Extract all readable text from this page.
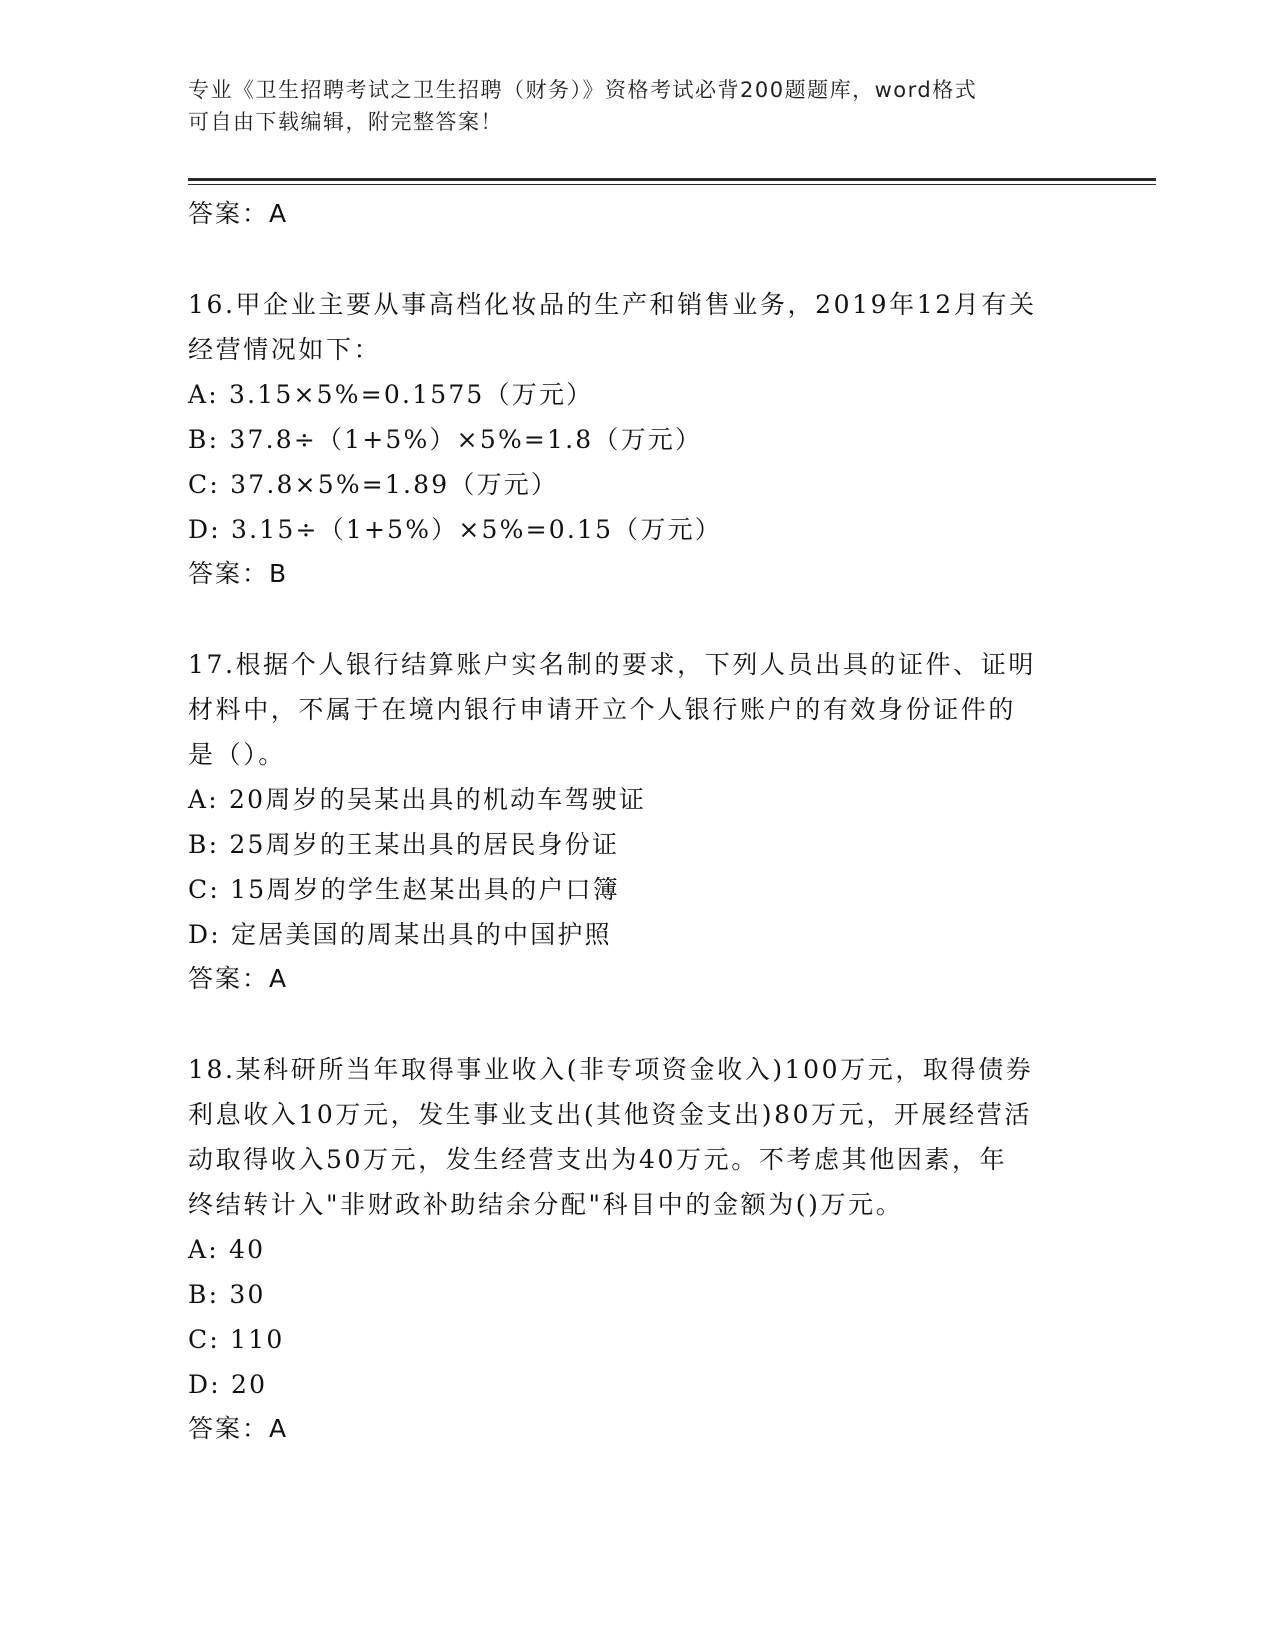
专业《卫生招聘考试之卫生招聘（财务）》资格考试必背200题题库，word格式
可自由下载编辑，附完整答案！

答案：A

16.甲企业主要从事高档化妆品的生产和销售业务，2019年12月有关

经营情况如下：

A: 3.15×5%=0.1575（万元）

B: 37.8÷（1+5%）×5%=1.8（万元）

C: 37.8×5%=1.89（万元）

D: 3.15÷（1+5%）×5%=0.15（万元）

答案：B

17.根据个人银行结算账户实名制的要求，下列人员出具的证件、证明

材料中，不属于在境内银行申请开立个人银行账户的有效身份证件的

是（）。

A: 20周岁的吴某出具的机动车驾驶证

B: 25周岁的王某出具的居民身份证

C: 15周岁的学生赵某出具的户口簿

D: 定居美国的周某出具的中国护照

答案：A

18.某科研所当年取得事业收入(非专项资金收入)100万元，取得债券

利息收入10万元，发生事业支出(其他资金支出)80万元，开展经营活

动取得收入50万元，发生经营支出为40万元。不考虑其他因素，年

终结转计入"非财政补助结余分配"科目中的金额为()万元。

A: 40

B: 30

C: 110

D: 20

答案：A
